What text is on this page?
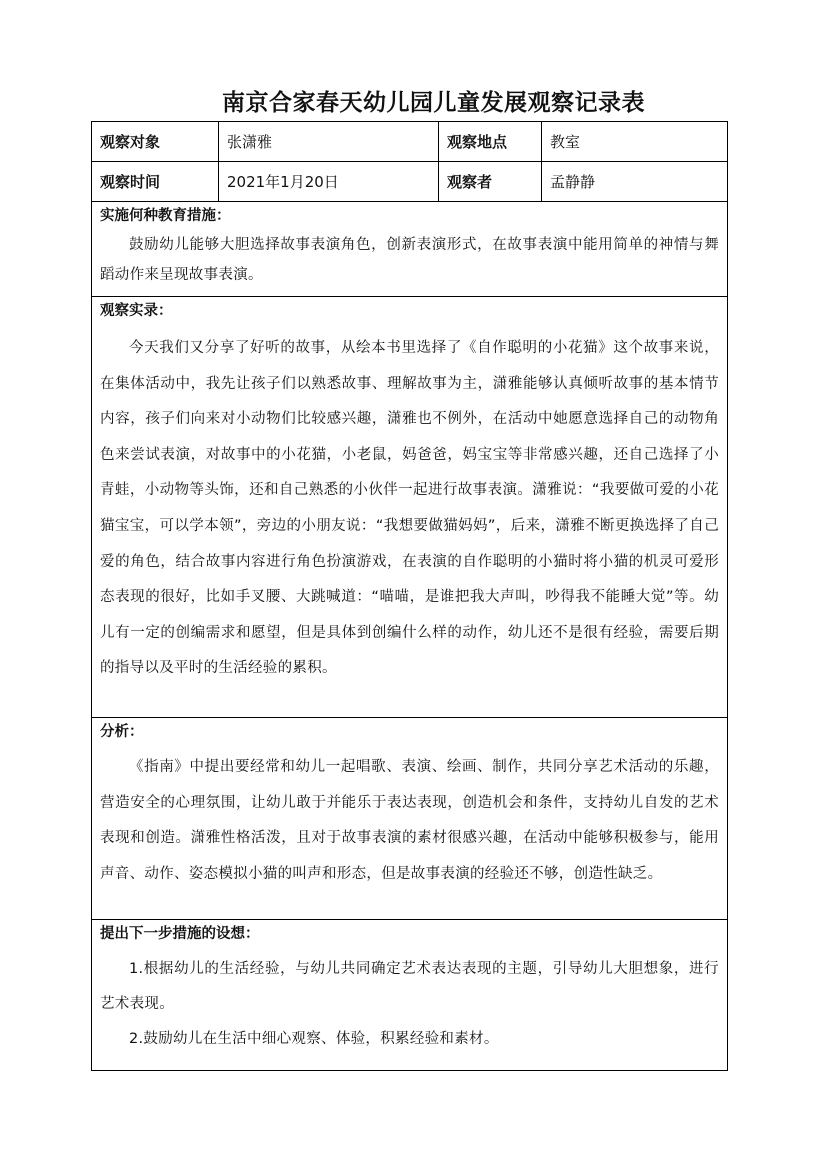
南京合家春天幼儿园儿童发展观察记录表
观察对象	张潇雅	观察地点	教室
观察时间	2021年1月20日	观察者	孟静静
实施何种教育措施：
鼓励幼儿能够大胆选择故事表演角色，创新表演形式，在故事表演中能用简单的神情与舞蹈动作来呈现故事表演。
观察实录：
今天我们又分享了好听的故事，从绘本书里选择了《自作聪明的小花猫》这个故事来说，在集体活动中，我先让孩子们以熟悉故事、理解故事为主，潇雅能够认真倾听故事的基本情节内容，孩子们向来对小动物们比较感兴趣，潇雅也不例外，在活动中她愿意选择自己的动物角色来尝试表演，对故事中的小花猫，小老鼠，妈爸爸，妈宝宝等非常感兴趣，还自己选择了小青蛙，小动物等头饰，还和自己熟悉的小伙伴一起进行故事表演。潇雅说：“我要做可爱的小花猫宝宝，可以学本领”，旁边的小朋友说：“我想要做猫妈妈”，后来，潇雅不断更换选择了自己爱的角色，结合故事内容进行角色扮演游戏，在表演的自作聪明的小猫时将小猫的机灵可爱形态表现的很好，比如手叉腰、大跳喊道：“喵喵，是谁把我大声叫，吵得我不能睡大觉”等。幼儿有一定的创编需求和愿望，但是具体到创编什么样的动作，幼儿还不是很有经验，需要后期的指导以及平时的生活经验的累积。
分析：
《指南》中提出要经常和幼儿一起唱歌、表演、绘画、制作，共同分享艺术活动的乐趣，营造安全的心理氛围，让幼儿敢于并能乐于表达表现，创造机会和条件，支持幼儿自发的艺术表现和创造。潇雅性格活泼，且对于故事表演的素材很感兴趣，在活动中能够积极参与，能用声音、动作、姿态模拟小猫的叫声和形态，但是故事表演的经验还不够，创造性缺乏。
提出下一步措施的设想：
1.根据幼儿的生活经验，与幼儿共同确定艺术表达表现的主题，引导幼儿大胆想象，进行艺术表现。
2.鼓励幼儿在生活中细心观察、体验，积累经验和素材。
